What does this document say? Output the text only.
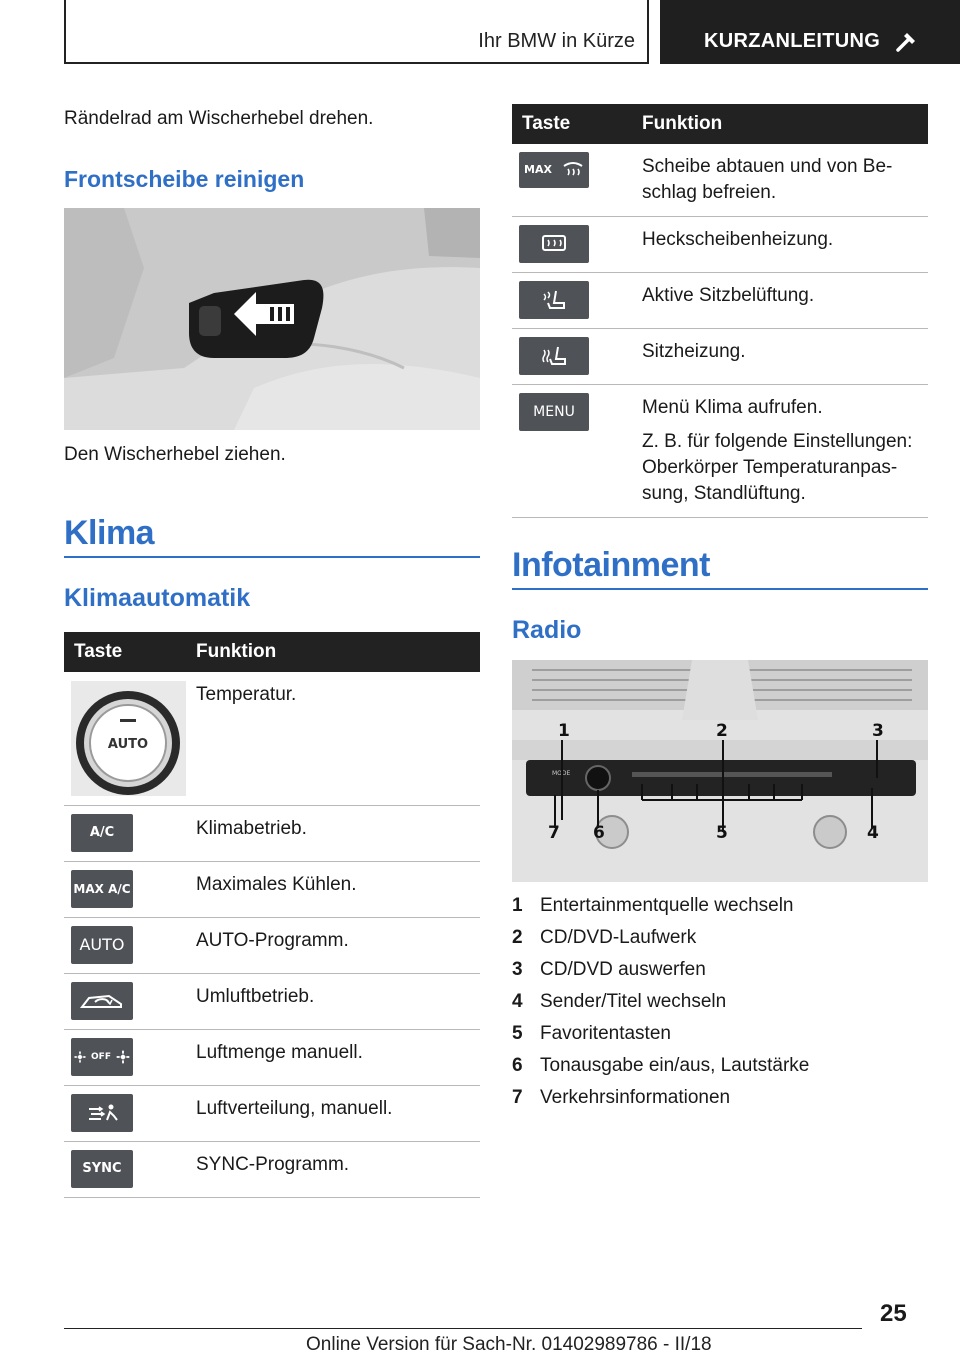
Ihr BMW in Kürze	KURZANLEITUNG
Rändelrad am Wischerhebel drehen.
Frontscheibe reinigen
Den Wischerhebel ziehen.
Klima
Klimaautomatik
Taste	Funktion

AUTO	Temperatur.

A/C	Klimabetrieb.

MAX A/C	Maximales Kühlen.

AUTO	AUTO-Programm.

	Umluftbetrieb.

OFF	Luftmenge manuell.

	Luftverteilung, manuell.

SYNC	SYNC-Programm.
Taste	Funktion

MAX	Scheibe abtauen und von Be-schlag befreien.

	Heckscheibenheizung.

	Aktive Sitzbelüftung.

	Sitzheizung.

MENU	Menü Klima aufrufen.
Z. B. für folgende Einstellungen: Oberkörper Temperaturanpas-sung, Standlüftung.
Infotainment
Radio
MODE
1	2	3
4
5
6
7
1 Entertainmentquelle wechseln
2 CD/DVD-Laufwerk
3 CD/DVD auswerfen
4 Sender/Titel wechseln
5 Favoritentasten
6 Tonausgabe ein/aus, Lautstärke
7 Verkehrsinformationen
25
Online Version für Sach-Nr. 01402989786 - II/18
